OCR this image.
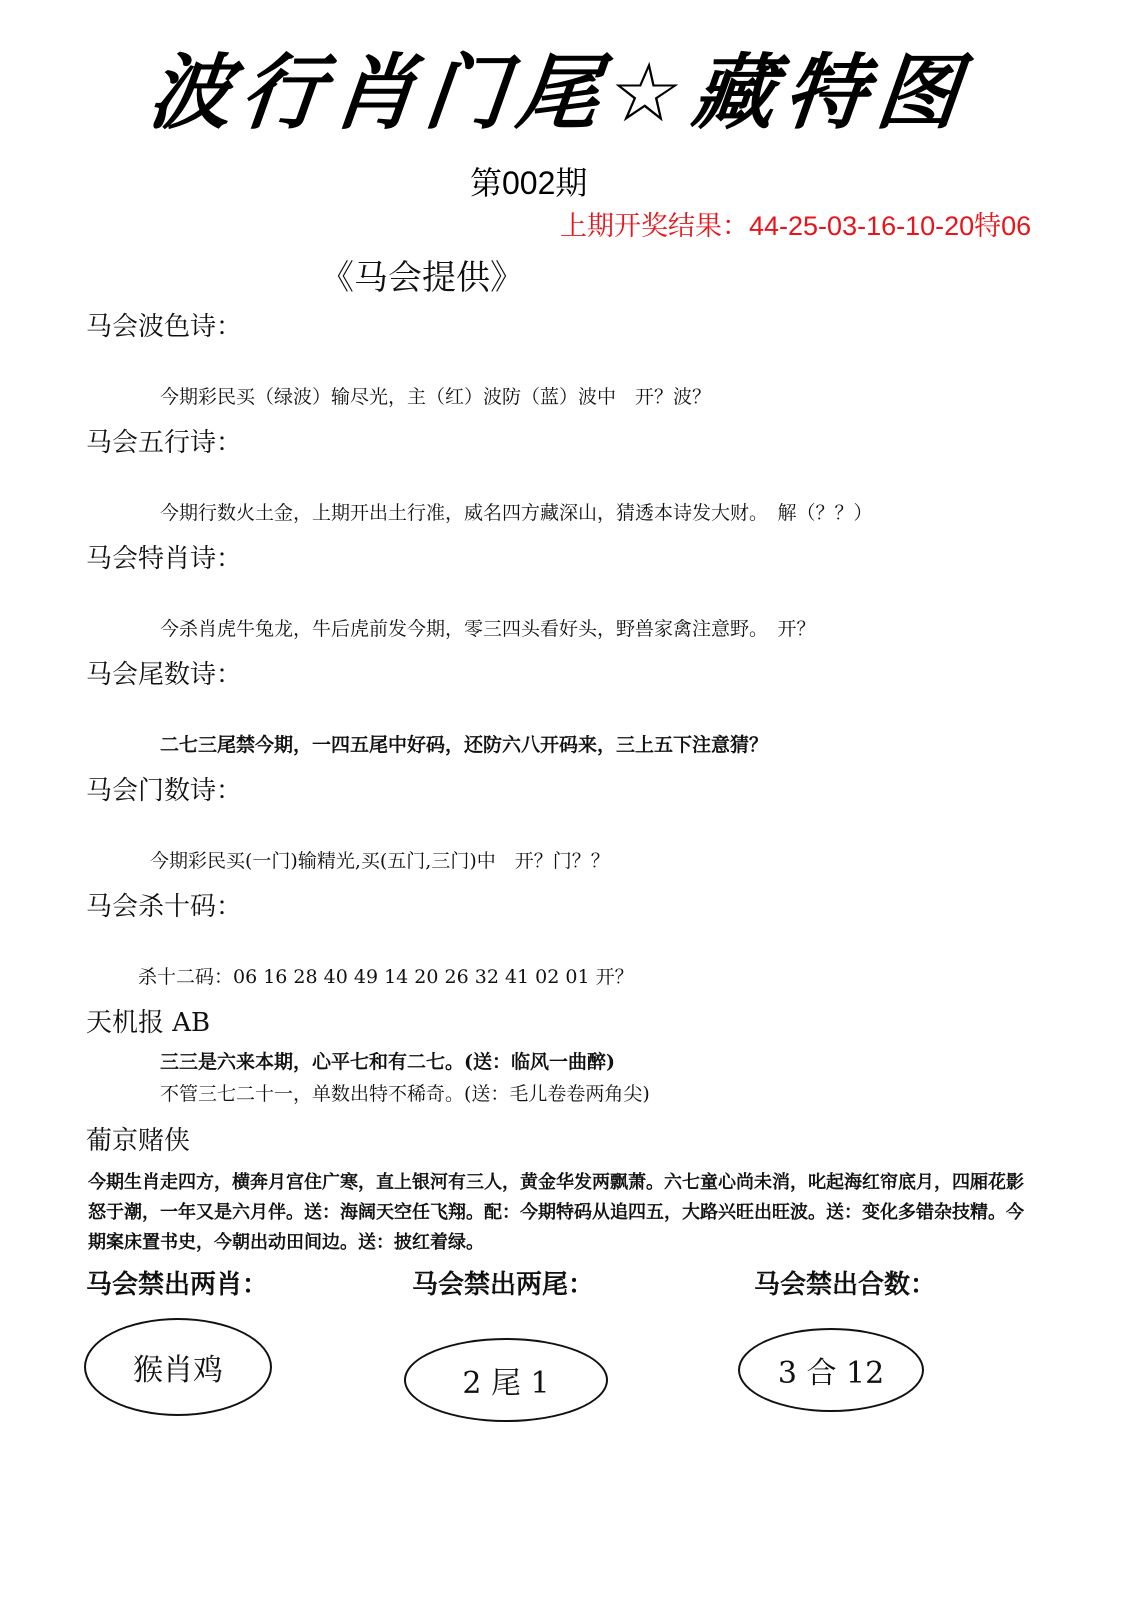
波行肖门尾☆藏特图
第002期
上期开奖结果：44-25-03-16-10-20特06
《马会提供》
马会波色诗：
今期彩民买（绿波）输尽光，主（红）波防（蓝）波中　开？波？
马会五行诗：
今期行数火土金，上期开出土行准，威名四方藏深山，猜透本诗发大财。　解（？？）
马会特肖诗：
今杀肖虎牛兔龙，牛后虎前发今期，零三四头看好头，野兽家禽注意野。　开？
马会尾数诗：
二七三尾禁今期，一四五尾中好码，还防六八开码来，三上五下注意猜？
马会门数诗：
今期彩民买(一门)输精光,买(五门,三门)中　开？门？？
马会杀十码：
杀十二码：06 16 28 40 49 14 20 26 32 41 02 01 开？
天机报 AB
三三是六来本期，心平七和有二七。(送：临风一曲醉)
不管三七二十一，单数出特不稀奇。(送：毛儿卷卷两角尖)
葡京赌侠
今期生肖走四方，横奔月宫住广寒，直上银河有三人，黄金华发两飘萧。六七童心尚未消，叱起海红帘底月，四厢花影怒于潮，一年又是六月伴。送：海阔天空任飞翔。配：今期特码从追四五，大路兴旺出旺波。送：变化多错杂技精。今期案床置书史，今朝出动田间边。送：披红着绿。
马会禁出两肖：	马会禁出两尾：	马会禁出合数：
猴肖鸡	2 尾 1	3 合 12
